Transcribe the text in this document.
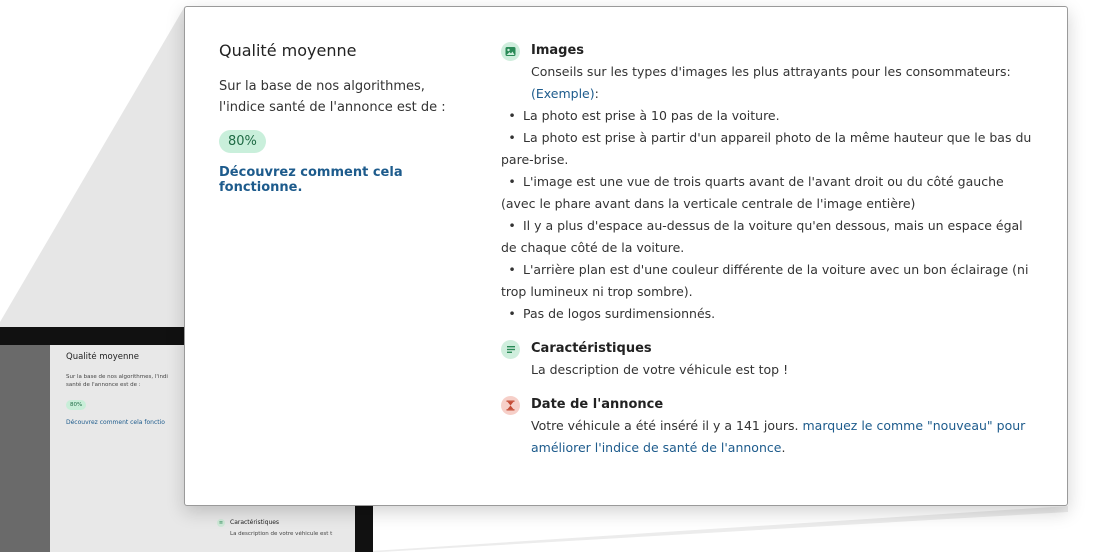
Qualité moyenne
Sur la base de nos algorithmes, l'indi
santé de l'annonce est de :
80%
Découvrez comment cela fonctio
≡	Caractéristiques
La description de votre véhicule est t
Qualité moyenne
Sur la base de nos algorithmes, l'indice santé de l'annonce est de :
80%
Découvrez comment cela fonctionne.
Images
Conseils sur les types d'images les plus attrayants pour les consommateurs:
(Exemple):
• La photo est prise à 10 pas de la voiture.
• La photo est prise à partir d'un appareil photo de la même hauteur que le bas du pare-brise.
• L'image est une vue de trois quarts avant de l'avant droit ou du côté gauche (avec le phare avant dans la verticale centrale de l'image entière)
• Il y a plus d'espace au-dessus de la voiture qu'en dessous, mais un espace égal de chaque côté de la voiture.
• L'arrière plan est d'une couleur différente de la voiture avec un bon éclairage (ni trop lumineux ni trop sombre).
• Pas de logos surdimensionnés.
Caractéristiques
La description de votre véhicule est top !
Date de l'annonce
Votre véhicule a été inséré il y a 141 jours. marquez le comme "nouveau" pour améliorer l'indice de santé de l'annonce.
